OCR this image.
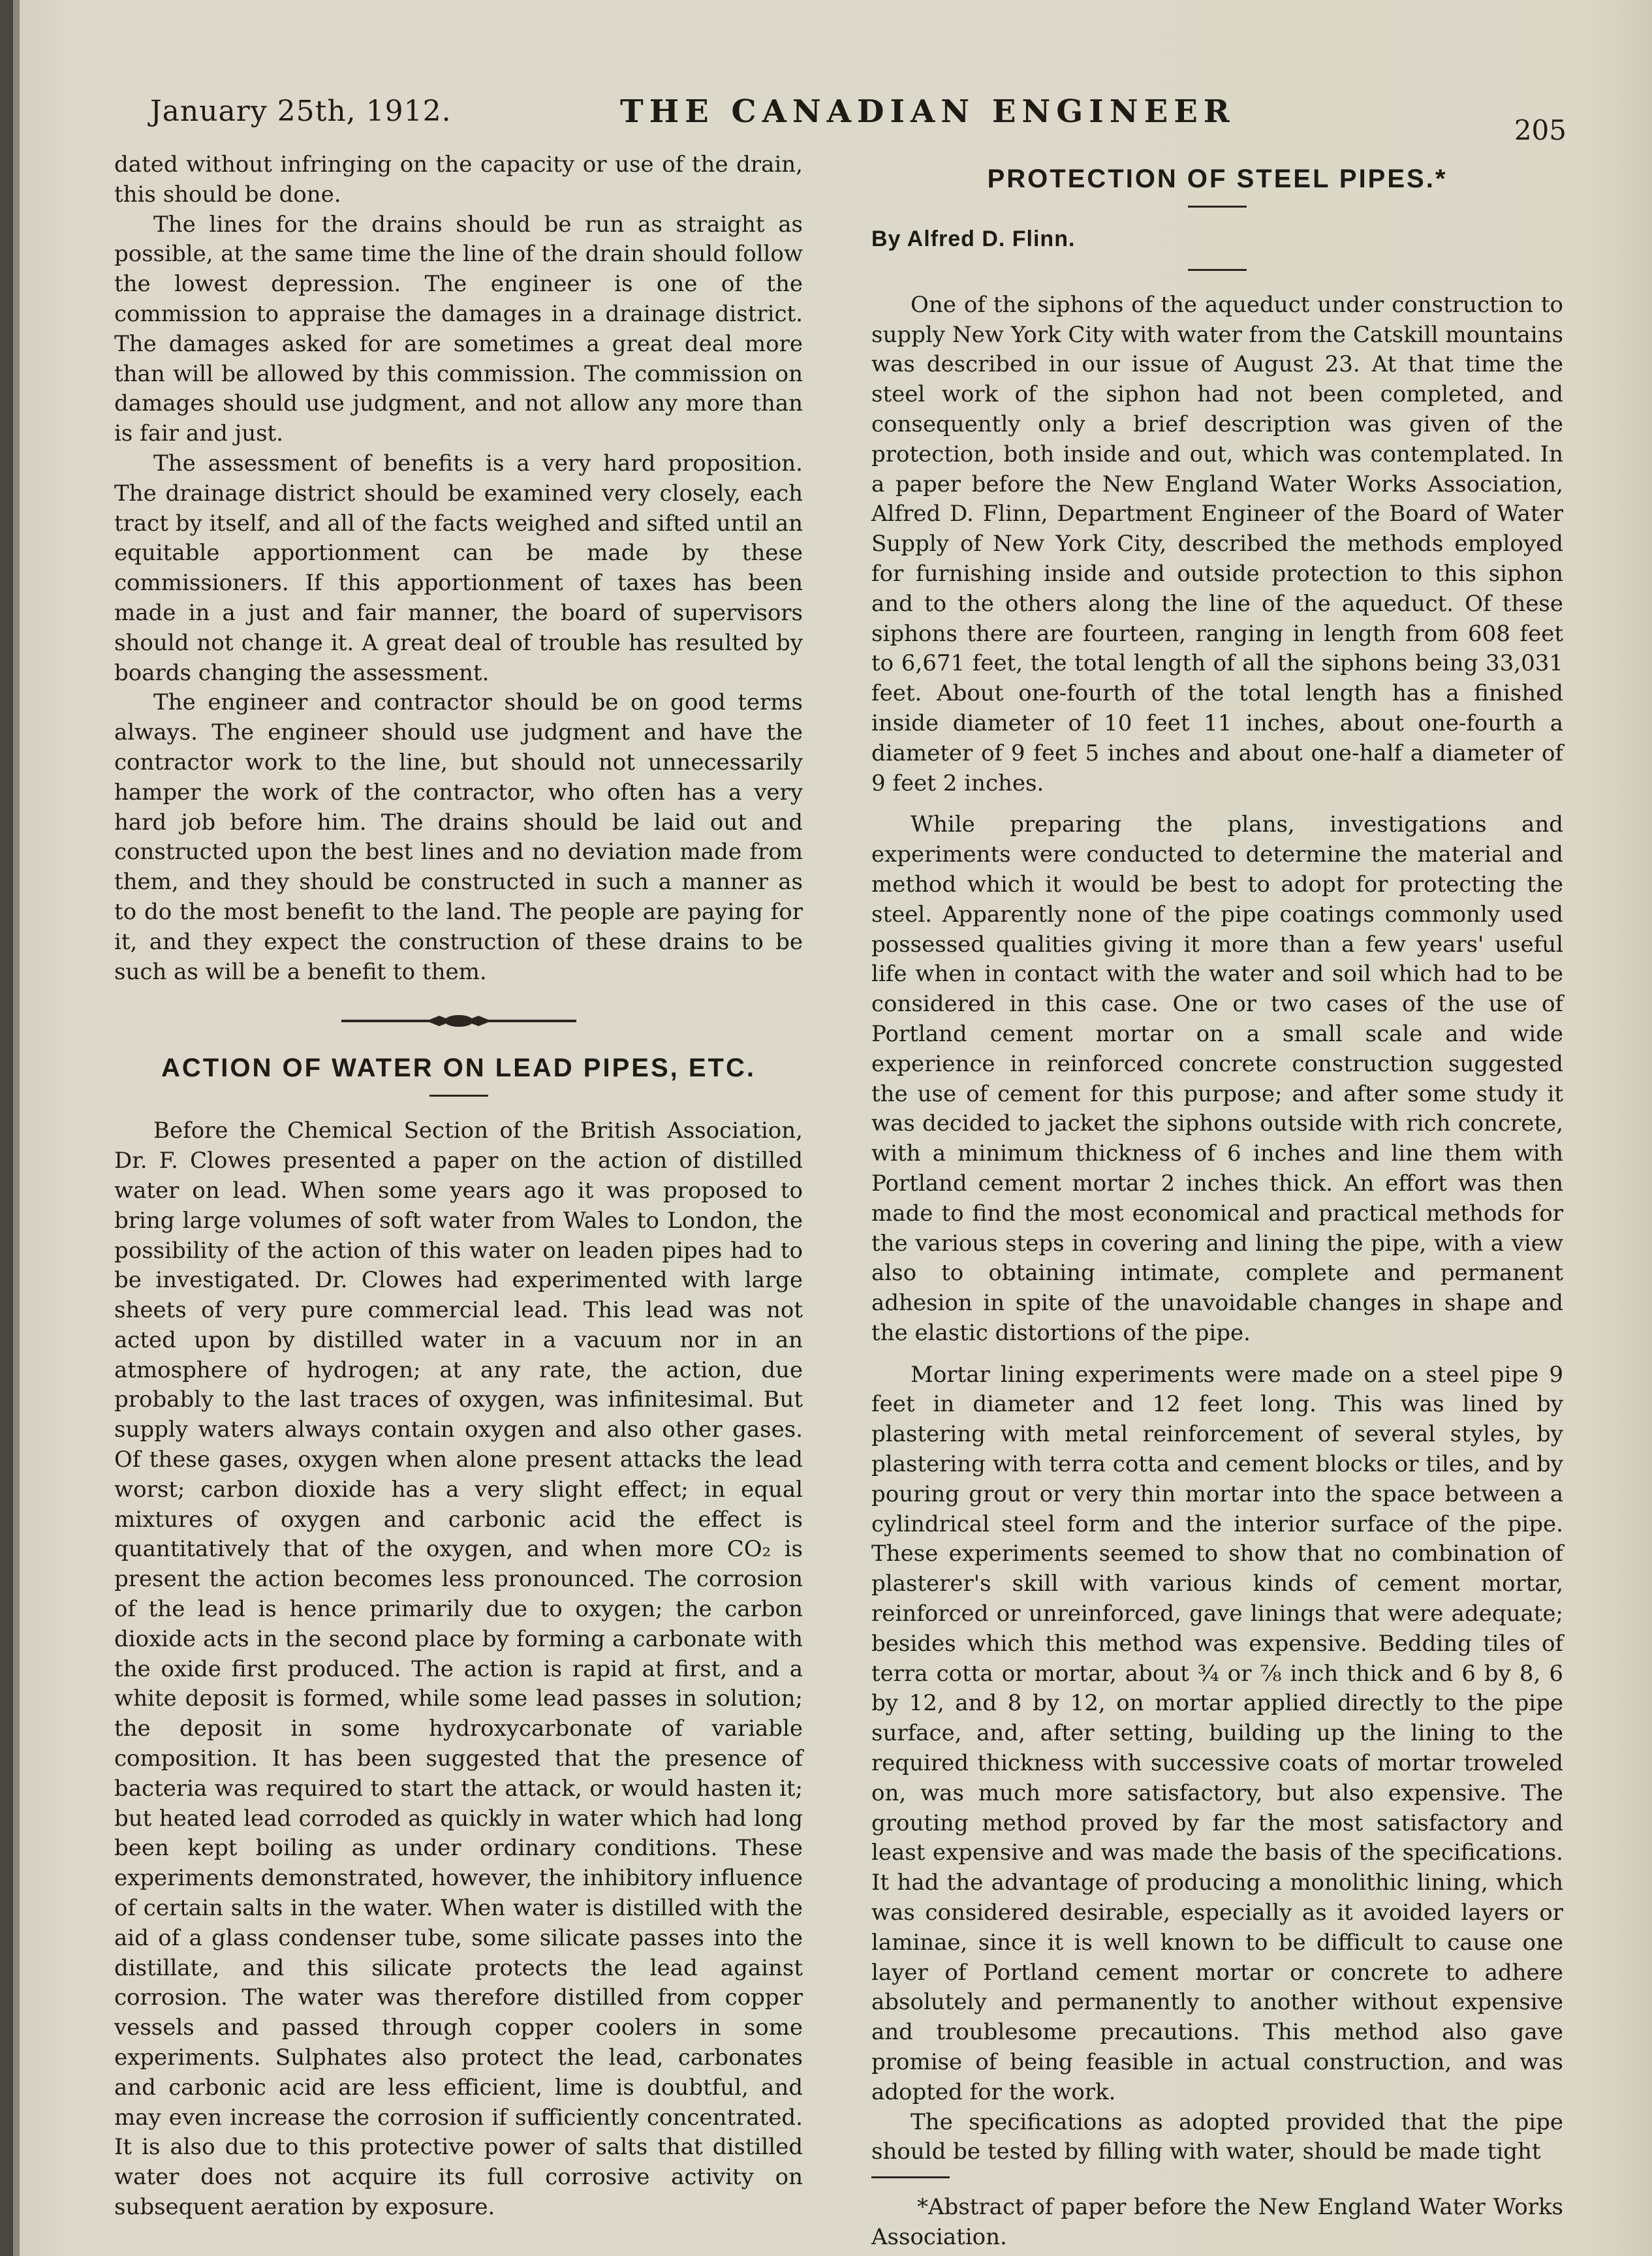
January 25th, 1912.	THE CANADIAN ENGINEER
205

dated without infringing on the capacity or use of the drain, this should be done.

The lines for the drains should be run as straight as possible, at the same time the line of the drain should follow the lowest depression. The engineer is one of the commission to appraise the damages in a drainage district. The damages asked for are sometimes a great deal more than will be allowed by this commission. The commission on damages should use judgment, and not allow any more than is fair and just.

The assessment of benefits is a very hard proposition. The drainage district should be examined very closely, each tract by itself, and all of the facts weighed and sifted until an equitable apportionment can be made by these commissioners. If this apportionment of taxes has been made in a just and fair manner, the board of supervisors should not change it. A great deal of trouble has resulted by boards changing the assessment.

The engineer and contractor should be on good terms always. The engineer should use judgment and have the contractor work to the line, but should not unnecessarily hamper the work of the contractor, who often has a very hard job before him. The drains should be laid out and constructed upon the best lines and no deviation made from them, and they should be constructed in such a manner as to do the most benefit to the land. The people are paying for it, and they expect the construction of these drains to be such as will be a benefit to them.

ACTION OF WATER ON LEAD PIPES, ETC.

Before the Chemical Section of the British Association, Dr. F. Clowes presented a paper on the action of distilled water on lead. When some years ago it was proposed to bring large volumes of soft water from Wales to London, the possibility of the action of this water on leaden pipes had to be investigated. Dr. Clowes had experimented with large sheets of very pure commercial lead. This lead was not acted upon by distilled water in a vacuum nor in an atmosphere of hydrogen; at any rate, the action, due probably to the last traces of oxygen, was infinitesimal. But supply waters always contain oxygen and also other gases. Of these gases, oxygen when alone present attacks the lead worst; carbon dioxide has a very slight effect; in equal mixtures of oxygen and carbonic acid the effect is quantitatively that of the oxygen, and when more CO₂ is present the action becomes less pronounced. The corrosion of the lead is hence primarily due to oxygen; the carbon dioxide acts in the second place by forming a carbonate with the oxide first produced. The action is rapid at first, and a white deposit is formed, while some lead passes in solution; the deposit in some hydroxycarbonate of variable composition. It has been suggested that the presence of bacteria was required to start the attack, or would hasten it; but heated lead corroded as quickly in water which had long been kept boiling as under ordinary conditions. These experiments demonstrated, however, the inhibitory influence of certain salts in the water. When water is distilled with the aid of a glass condenser tube, some silicate passes into the distillate, and this silicate protects the lead against corrosion. The water was therefore distilled from copper vessels and passed through copper coolers in some experiments. Sulphates also protect the lead, carbonates and carbonic acid are less efficient, lime is doubtful, and may even increase the corrosion if sufficiently concentrated. It is also due to this protective power of salts that distilled water does not acquire its full corrosive activity on subsequent aeration by exposure.

PROTECTION OF STEEL PIPES.*

By Alfred D. Flinn.

One of the siphons of the aqueduct under construction to supply New York City with water from the Catskill mountains was described in our issue of August 23. At that time the steel work of the siphon had not been completed, and consequently only a brief description was given of the protection, both inside and out, which was contemplated. In a paper before the New England Water Works Association, Alfred D. Flinn, Department Engineer of the Board of Water Supply of New York City, described the methods employed for furnishing inside and outside protection to this siphon and to the others along the line of the aqueduct. Of these siphons there are fourteen, ranging in length from 608 feet to 6,671 feet, the total length of all the siphons being 33,031 feet. About one-fourth of the total length has a finished inside diameter of 10 feet 11 inches, about one-fourth a diameter of 9 feet 5 inches and about one-half a diameter of 9 feet 2 inches.

While preparing the plans, investigations and experiments were conducted to determine the material and method which it would be best to adopt for protecting the steel. Apparently none of the pipe coatings commonly used possessed qualities giving it more than a few years' useful life when in contact with the water and soil which had to be considered in this case. One or two cases of the use of Portland cement mortar on a small scale and wide experience in reinforced concrete construction suggested the use of cement for this purpose; and after some study it was decided to jacket the siphons outside with rich concrete, with a minimum thickness of 6 inches and line them with Portland cement mortar 2 inches thick. An effort was then made to find the most economical and practical methods for the various steps in covering and lining the pipe, with a view also to obtaining intimate, complete and permanent adhesion in spite of the unavoidable changes in shape and the elastic distortions of the pipe.

Mortar lining experiments were made on a steel pipe 9 feet in diameter and 12 feet long. This was lined by plastering with metal reinforcement of several styles, by plastering with terra cotta and cement blocks or tiles, and by pouring grout or very thin mortar into the space between a cylindrical steel form and the interior surface of the pipe. These experiments seemed to show that no combination of plasterer's skill with various kinds of cement mortar, reinforced or unreinforced, gave linings that were adequate; besides which this method was expensive. Bedding tiles of terra cotta or mortar, about ¾ or ⅞ inch thick and 6 by 8, 6 by 12, and 8 by 12, on mortar applied directly to the pipe surface, and, after setting, building up the lining to the required thickness with successive coats of mortar troweled on, was much more satisfactory, but also expensive. The grouting method proved by far the most satisfactory and least expensive and was made the basis of the specifications. It had the advantage of producing a monolithic lining, which was considered desirable, especially as it avoided layers or laminae, since it is well known to be difficult to cause one layer of Portland cement mortar or concrete to adhere absolutely and permanently to another without expensive and troublesome precautions. This method also gave promise of being feasible in actual construction, and was adopted for the work.

The specifications as adopted provided that the pipe should be tested by filling with water, should be made tight

*Abstract of paper before the New England Water Works Association.
